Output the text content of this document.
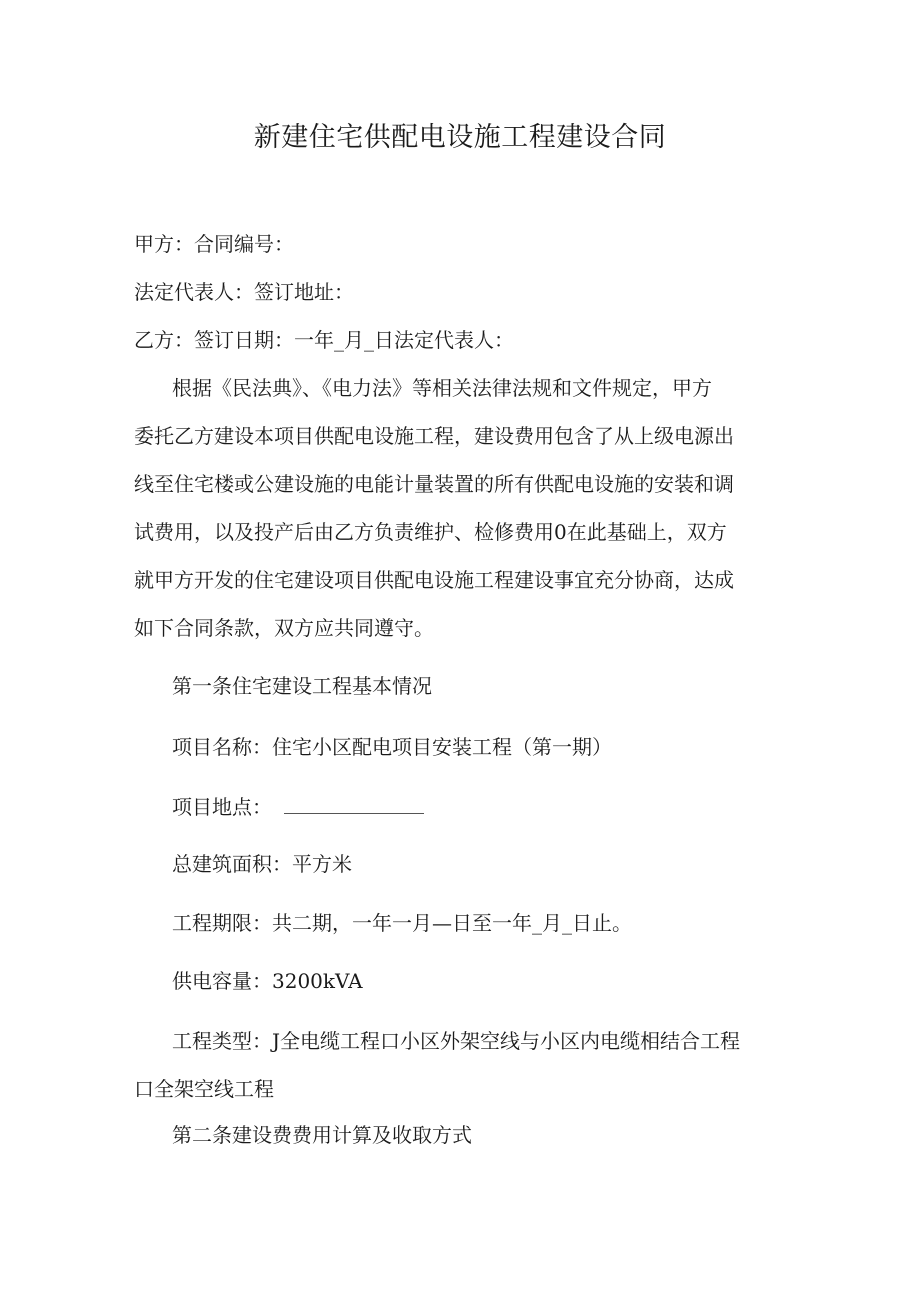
新建住宅供配电设施工程建设合同
甲方：合同编号：
法定代表人：签订地址：
乙方：签订日期：一年_月_日法定代表人：
根据《民法典》、《电力法》等相关法律法规和文件规定，甲方
委托乙方建设本项目供配电设施工程，建设费用包含了从上级电源出
线至住宅楼或公建设施的电能计量装置的所有供配电设施的安装和调
试费用，以及投产后由乙方负责维护、检修费用0在此基础上，双方
就甲方开发的住宅建设项目供配电设施工程建设事宜充分协商，达成
如下合同条款，双方应共同遵守。
第一条住宅建设工程基本情况
项目名称：住宅小区配电项目安装工程（第一期）
项目地点：
总建筑面积：平方米
工程期限：共二期，一年一月—日至一年_月_日止。
供电容量：3200kVA
工程类型：J全电缆工程口小区外架空线与小区内电缆相结合工程
口全架空线工程
第二条建设费费用计算及收取方式
